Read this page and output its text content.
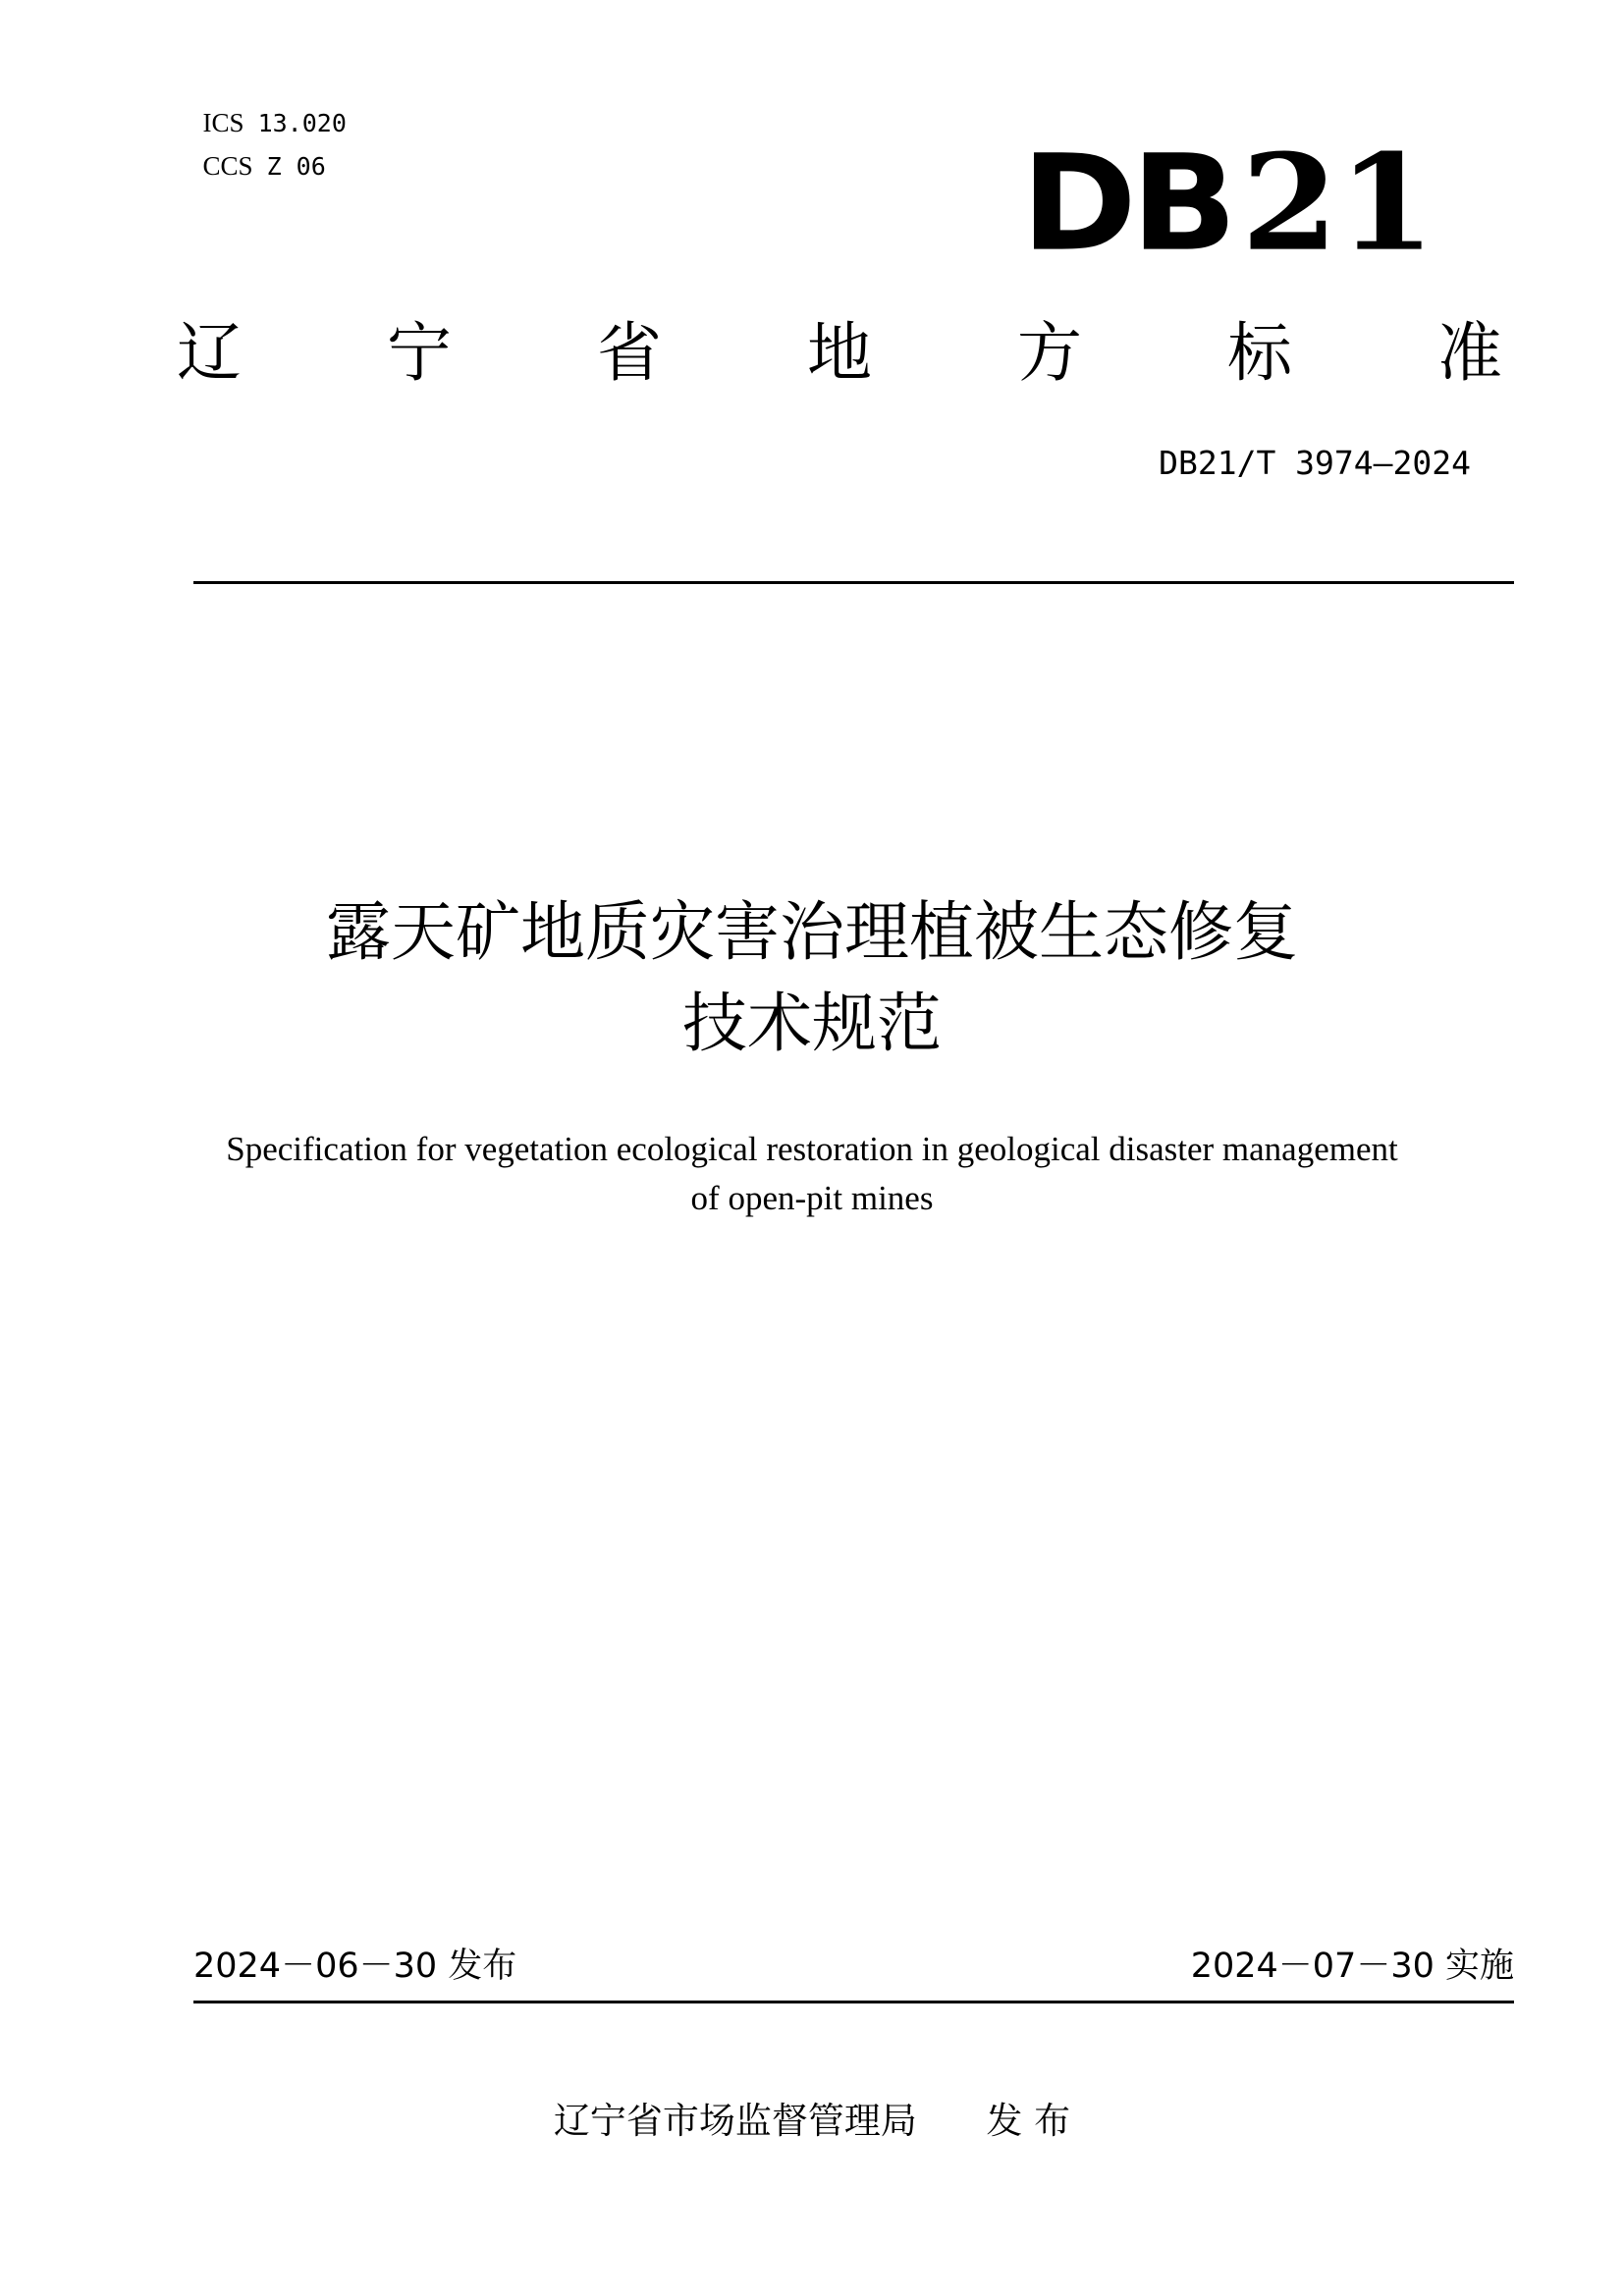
ICS 13.020

CCS Z 06	DB21
辽 宁 省 地 方 标 准
DB21/T 3974—2024
露天矿地质灾害治理植被生态修复
技术规范
Specification for vegetation ecological restoration in geological disaster management
of open-pit mines
2024－06－30 发布	2024－07－30 实施
辽宁省市场监督管理局 发 布
